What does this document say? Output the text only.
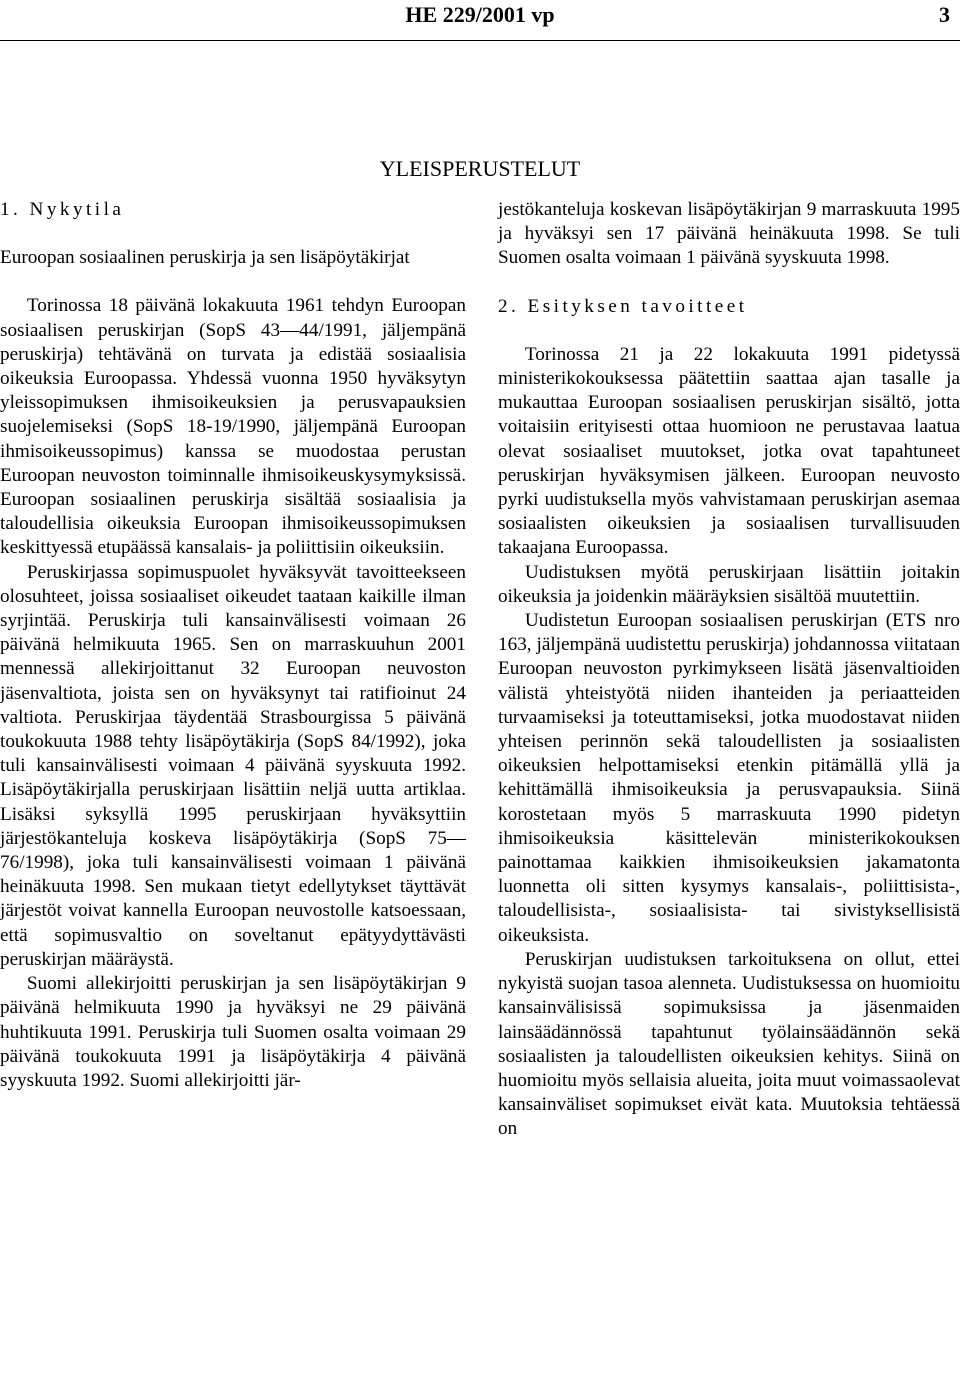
HE 229/2001 vp	3
YLEISPERUSTELUT
1. Nykytila
Euroopan sosiaalinen peruskirja ja sen lisäpöytäkirjat

Torinossa 18 päivänä lokakuuta 1961 tehdyn Euroopan sosiaalisen peruskirjan (SopS 43—44/1991, jäljempänä peruskirja) tehtävänä on turvata ja edistää sosiaalisia oikeuksia Euroopassa. Yhdessä vuonna 1950 hyväksytyn yleissopimuksen ihmisoikeuksien ja perusvapauksien suojelemiseksi (SopS 18-19/1990, jäljempänä Euroopan ihmisoikeussopimus) kanssa se muodostaa perustan Euroopan neuvoston toiminnalle ihmisoikeuskysymyksissä. Euroopan sosiaalinen peruskirja sisältää sosiaalisia ja taloudellisia oikeuksia Euroopan ihmisoikeussopimuksen keskittyessä etupäässä kansalais- ja poliittisiin oikeuksiin.

Peruskirjassa sopimuspuolet hyväksyvät tavoitteekseen olosuhteet, joissa sosiaaliset oikeudet taataan kaikille ilman syrjintää. Peruskirja tuli kansainvälisesti voimaan 26 päivänä helmikuuta 1965. Sen on marraskuuhun 2001 mennessä allekirjoittanut 32 Euroopan neuvoston jäsenvaltiota, joista sen on hyväksynyt tai ratifioinut 24 valtiota. Peruskirjaa täydentää Strasbourgissa 5 päivänä toukokuuta 1988 tehty lisäpöytäkirja (SopS 84/1992), joka tuli kansainvälisesti voimaan 4 päivänä syyskuuta 1992. Lisäpöytäkirjalla peruskirjaan lisättiin neljä uutta artiklaa. Lisäksi syksyllä 1995 peruskirjaan hyväksyttiin järjestökanteluja koskeva lisäpöytäkirja (SopS 75—76/1998), joka tuli kansainvälisesti voimaan 1 päivänä heinäkuuta 1998. Sen mukaan tietyt edellytykset täyttävät järjestöt voivat kannella Euroopan neuvostolle katsoessaan, että sopimusvaltio on soveltanut epätyydyttävästi peruskirjan määräystä.

Suomi allekirjoitti peruskirjan ja sen lisäpöytäkirjan 9 päivänä helmikuuta 1990 ja hyväksyi ne 29 päivänä huhtikuuta 1991. Peruskirja tuli Suomen osalta voimaan 29 päivänä toukokuuta 1991 ja lisäpöytäkirja 4 päivänä syyskuuta 1992. Suomi allekirjoitti jär-

jestökanteluja koskevan lisäpöytäkirjan 9 marraskuuta 1995 ja hyväksyi sen 17 päivänä heinäkuuta 1998. Se tuli Suomen osalta voimaan 1 päivänä syyskuuta 1998.

2. Esityksen tavoitteet

Torinossa 21 ja 22 lokakuuta 1991 pidetyssä ministerikokouksessa päätettiin saattaa ajan tasalle ja mukauttaa Euroopan sosiaalisen peruskirjan sisältö, jotta voitaisiin erityisesti ottaa huomioon ne perustavaa laatua olevat sosiaaliset muutokset, jotka ovat tapahtuneet peruskirjan hyväksymisen jälkeen. Euroopan neuvosto pyrki uudistuksella myös vahvistamaan peruskirjan asemaa sosiaalisten oikeuksien ja sosiaalisen turvallisuuden takaajana Euroopassa.

Uudistuksen myötä peruskirjaan lisättiin joitakin oikeuksia ja joidenkin määräyksien sisältöä muutettiin.

Uudistetun Euroopan sosiaalisen peruskirjan (ETS nro 163, jäljempänä uudistettu peruskirja) johdannossa viitataan Euroopan neuvoston pyrkimykseen lisätä jäsenvaltioiden välistä yhteistyötä niiden ihanteiden ja periaatteiden turvaamiseksi ja toteuttamiseksi, jotka muodostavat niiden yhteisen perinnön sekä taloudellisten ja sosiaalisten oikeuksien helpottamiseksi etenkin pitämällä yllä ja kehittämällä ihmisoikeuksia ja perusvapauksia. Siinä korostetaan myös 5 marraskuuta 1990 pidetyn ihmisoikeuksia käsittelevän ministerikokouksen painottamaa kaikkien ihmisoikeuksien jakamatonta luonnetta oli sitten kysymys kansalais-, poliittisista-, taloudellisista-, sosiaalisista- tai sivistyksellisistä oikeuksista.

Peruskirjan uudistuksen tarkoituksena on ollut, ettei nykyistä suojan tasoa alenneta. Uudistuksessa on huomioitu kansainvälisissä sopimuksissa ja jäsenmaiden lainsäädännössä tapahtunut työlainsäädännön sekä sosiaalisten ja taloudellisten oikeuksien kehitys. Siinä on huomioitu myös sellaisia alueita, joita muut voimassaolevat kansainväliset sopimukset eivät kata. Muutoksia tehtäessä on
